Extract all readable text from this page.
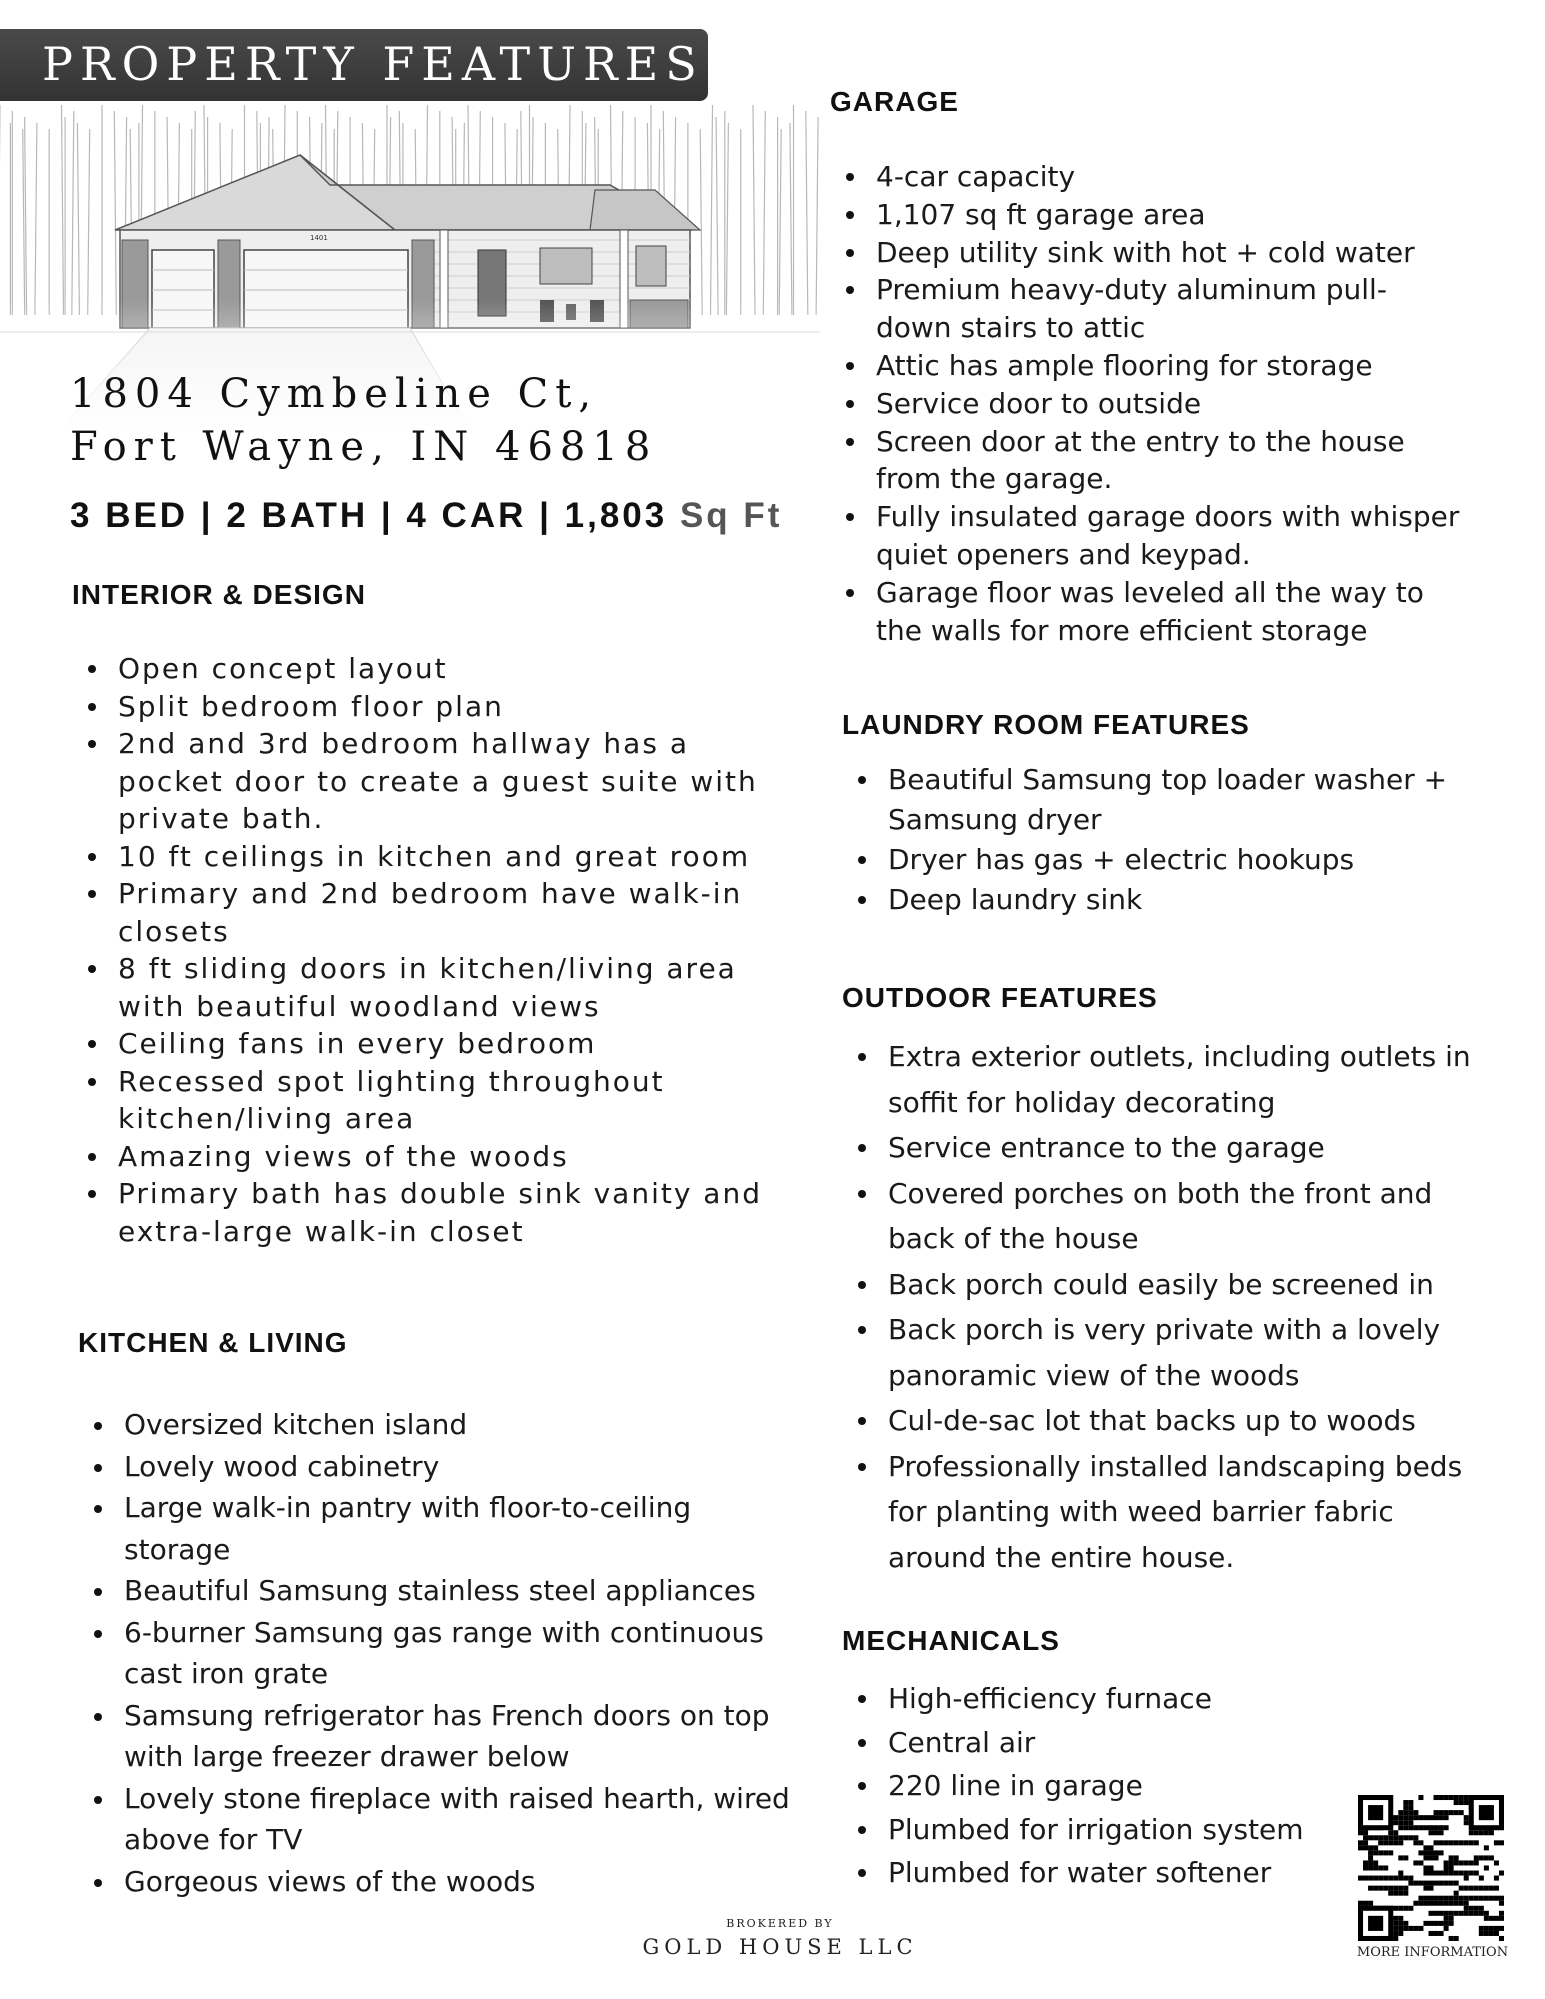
PROPERTY FEATURES
1401
1804 Cymbeline Ct,
Fort Wayne, IN 46818
3 BED | 2 BATH | 4 CAR | 1,803 Sq Ft
INTERIOR & DESIGN
Open concept layout
Split bedroom floor plan
2nd and 3rd bedroom hallway has a pocket door to create a guest suite with private bath.
10 ft ceilings in kitchen and great room
Primary and 2nd bedroom have walk-in closets
8 ft sliding doors in kitchen/living area with beautiful woodland views
Ceiling fans in every bedroom
Recessed spot lighting throughout kitchen/living area
Amazing views of the woods
Primary bath has double sink vanity and extra-large walk-in closet
KITCHEN & LIVING
Oversized kitchen island
Lovely wood cabinetry
Large walk-in pantry with floor-to-ceiling storage
Beautiful Samsung stainless steel appliances
6-burner Samsung gas range with continuous cast iron grate
Samsung refrigerator has French doors on top with large freezer drawer below
Lovely stone fireplace with raised hearth, wired above for TV
Gorgeous views of the woods
GARAGE
4-car capacity
1,107 sq ft garage area
Deep utility sink with hot + cold water
Premium heavy-duty aluminum pull-down stairs to attic
Attic has ample flooring for storage
Service door to outside
Screen door at the entry to the house from the garage.
Fully insulated garage doors with whisper quiet openers and keypad.
Garage floor was leveled all the way to the walls for more efficient storage
LAUNDRY ROOM FEATURES
Beautiful Samsung top loader washer + Samsung dryer
Dryer has gas + electric hookups
Deep laundry sink
OUTDOOR FEATURES
Extra exterior outlets, including outlets in soffit for holiday decorating
Service entrance to the garage
Covered porches on both the front and back of the house
Back porch could easily be screened in
Back porch is very private with a lovely panoramic view of the woods
Cul-de-sac lot that backs up to woods
Professionally installed landscaping beds for planting with weed barrier fabric around the entire house.
MECHANICALS
High-efficiency furnace
Central air
220 line in garage
Plumbed for irrigation system
Plumbed for water softener
BROKERED BY
GOLD HOUSE LLC	MORE INFORMATION
